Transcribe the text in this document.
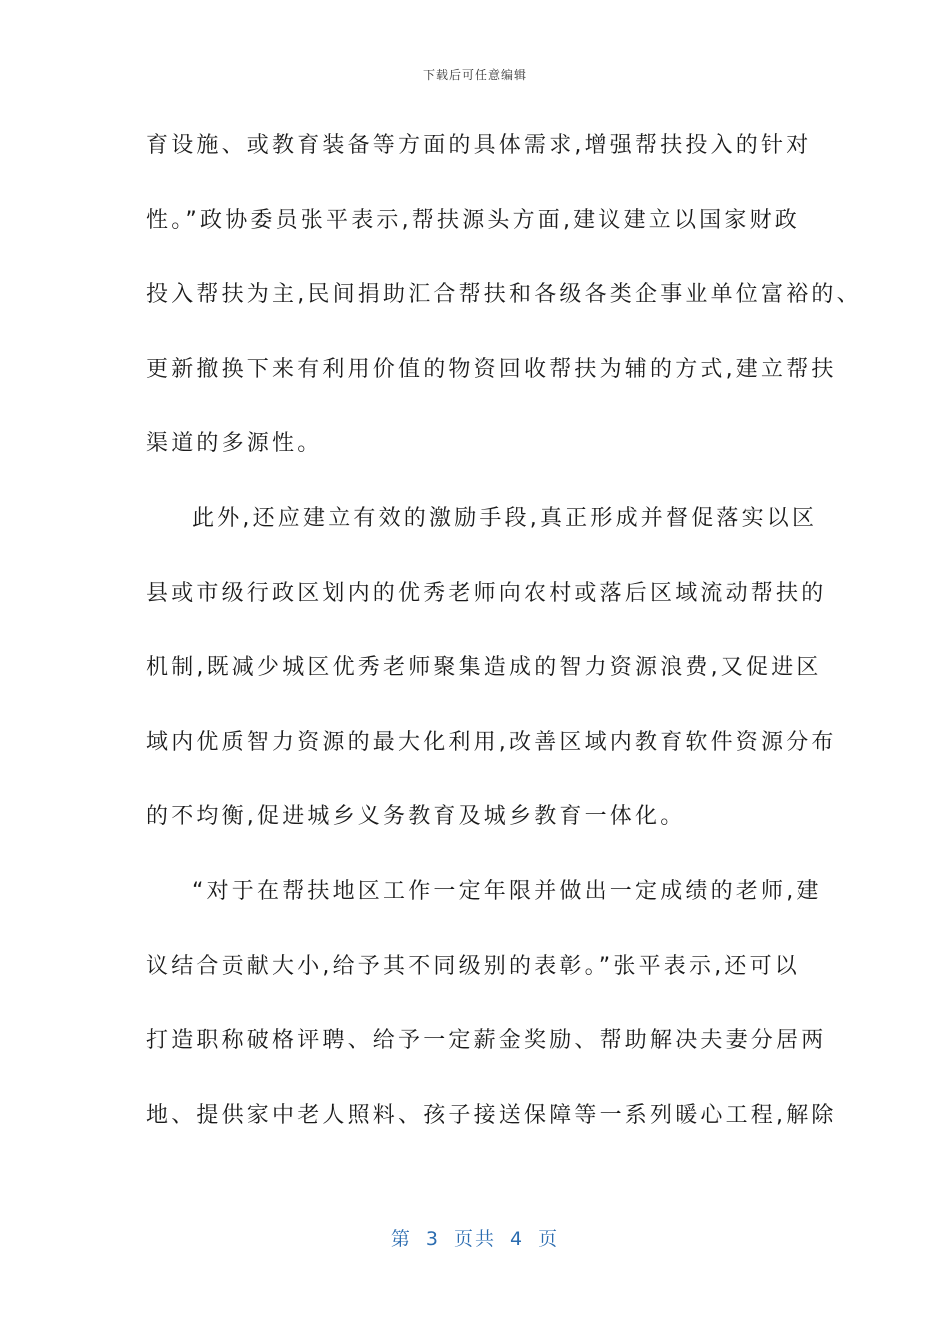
下载后可任意编辑
育设施、或教育装备等方面的具体需求,增强帮扶投入的针对
性。”政协委员张平表示,帮扶源头方面,建议建立以国家财政
投入帮扶为主,民间捐助汇合帮扶和各级各类企事业单位富裕的、
更新撤换下来有利用价值的物资回收帮扶为辅的方式,建立帮扶
渠道的多源性。
此外,还应建立有效的激励手段,真正形成并督促落实以区
县或市级行政区划内的优秀老师向农村或落后区域流动帮扶的
机制,既减少城区优秀老师聚集造成的智力资源浪费,又促进区
域内优质智力资源的最大化利用,改善区域内教育软件资源分布
的不均衡,促进城乡义务教育及城乡教育一体化。
“对于在帮扶地区工作一定年限并做出一定成绩的老师,建
议结合贡献大小,给予其不同级别的表彰。”张平表示,还可以
打造职称破格评聘、给予一定薪金奖励、帮助解决夫妻分居两
地、提供家中老人照料、孩子接送保障等一系列暖心工程,解除
第 3 页共 4 页
